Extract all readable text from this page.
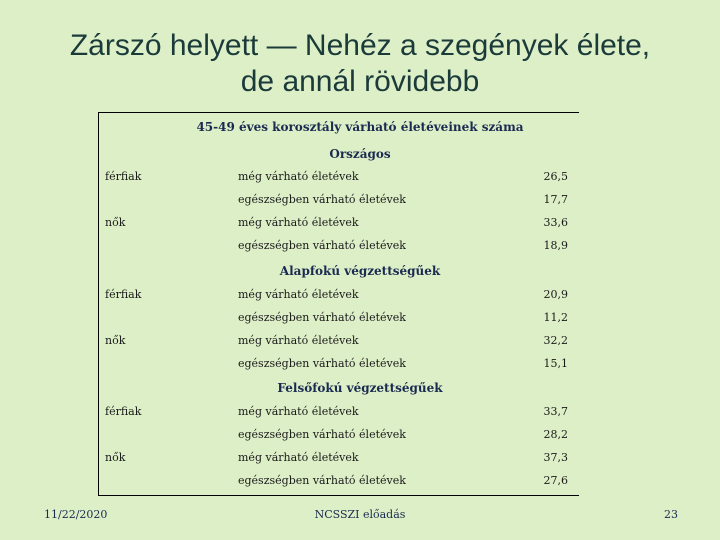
Zárszó helyett — Nehéz a szegények élete,
de annál rövidebb
45-49 éves korosztály várható életéveinek száma
Országos
férfiak	még várható életévek	26,5
egészségben várható életévek	17,7
nők	még várható életévek	33,6
egészségben várható életévek	18,9
Alapfokú végzettségűek
férfiak	még várható életévek	20,9
egészségben várható életévek	11,2
nők	még várható életévek	32,2
egészségben várható életévek	15,1
Felsőfokú végzettségűek
férfiak	még várható életévek	33,7
egészségben várható életévek	28,2
nők	még várható életévek	37,3
egészségben várható életévek	27,6
11/22/2020	NCSSZI előadás	23
